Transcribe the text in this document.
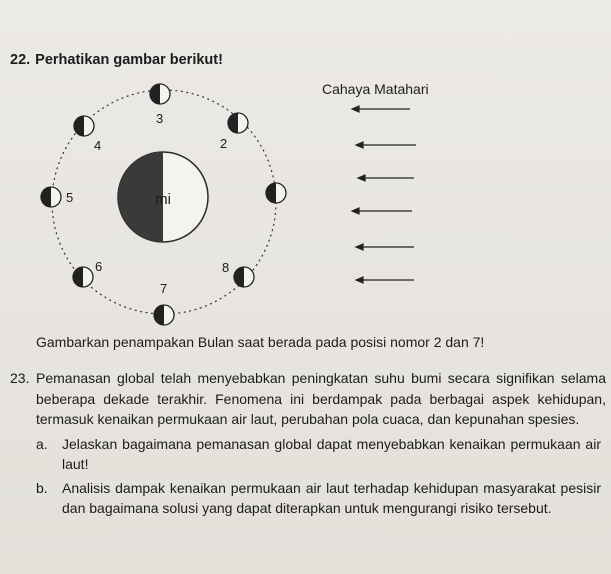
22. Perhatikan gambar berikut!
mi	1
2
3
4
5
6
7
8
Cahaya Matahari
Gambarkan penampakan Bulan saat berada pada posisi nomor 2 dan 7!
23. Pemanasan global telah menyebabkan peningkatan suhu bumi secara signifikan selama beberapa dekade terakhir. Fenomena ini berdampak pada berbagai aspek kehidupan, termasuk kenaikan permukaan air laut, perubahan pola cuaca, dan kepunahan spesies.
a.	Jelaskan bagaimana pemanasan global dapat menyebabkan kenaikan permukaan air laut!
b.	Analisis dampak kenaikan permukaan air laut terhadap kehidupan masyarakat pesisir dan bagaimana solusi yang dapat diterapkan untuk mengurangi risiko tersebut.
